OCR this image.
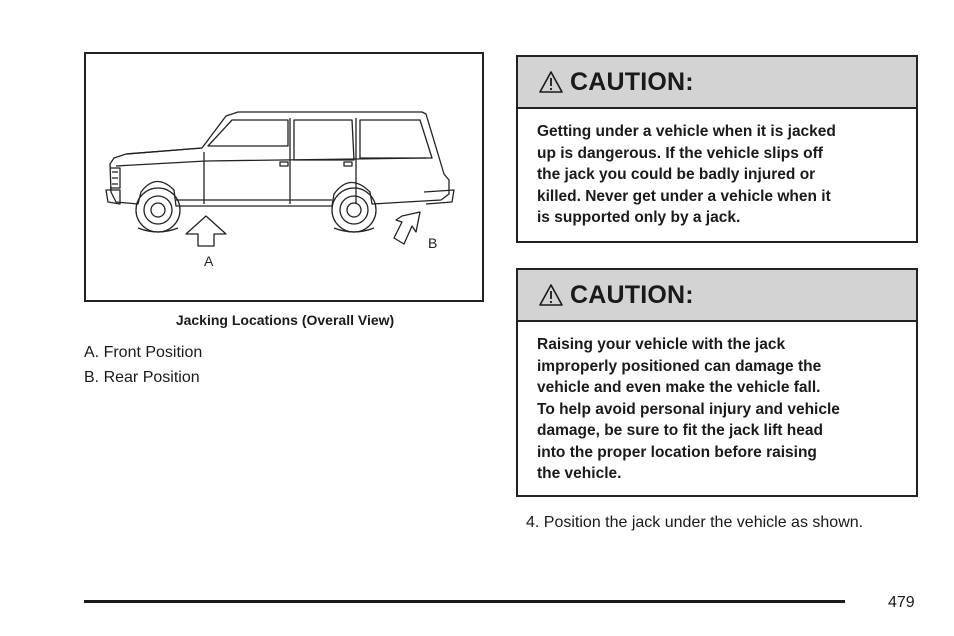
A
B
Jacking Locations (Overall View)
A. Front Position
B. Rear Position
CAUTION:

Getting under a vehicle when it is jacked
up is dangerous. If the vehicle slips off
the jack you could be badly injured or
killed. Never get under a vehicle when it
is supported only by a jack.

CAUTION:

Raising your vehicle with the jack
improperly positioned can damage the
vehicle and even make the vehicle fall.
To help avoid personal injury and vehicle
damage, be sure to fit the jack lift head
into the proper location before raising
the vehicle.

4. Position the jack under the vehicle as shown.
479
